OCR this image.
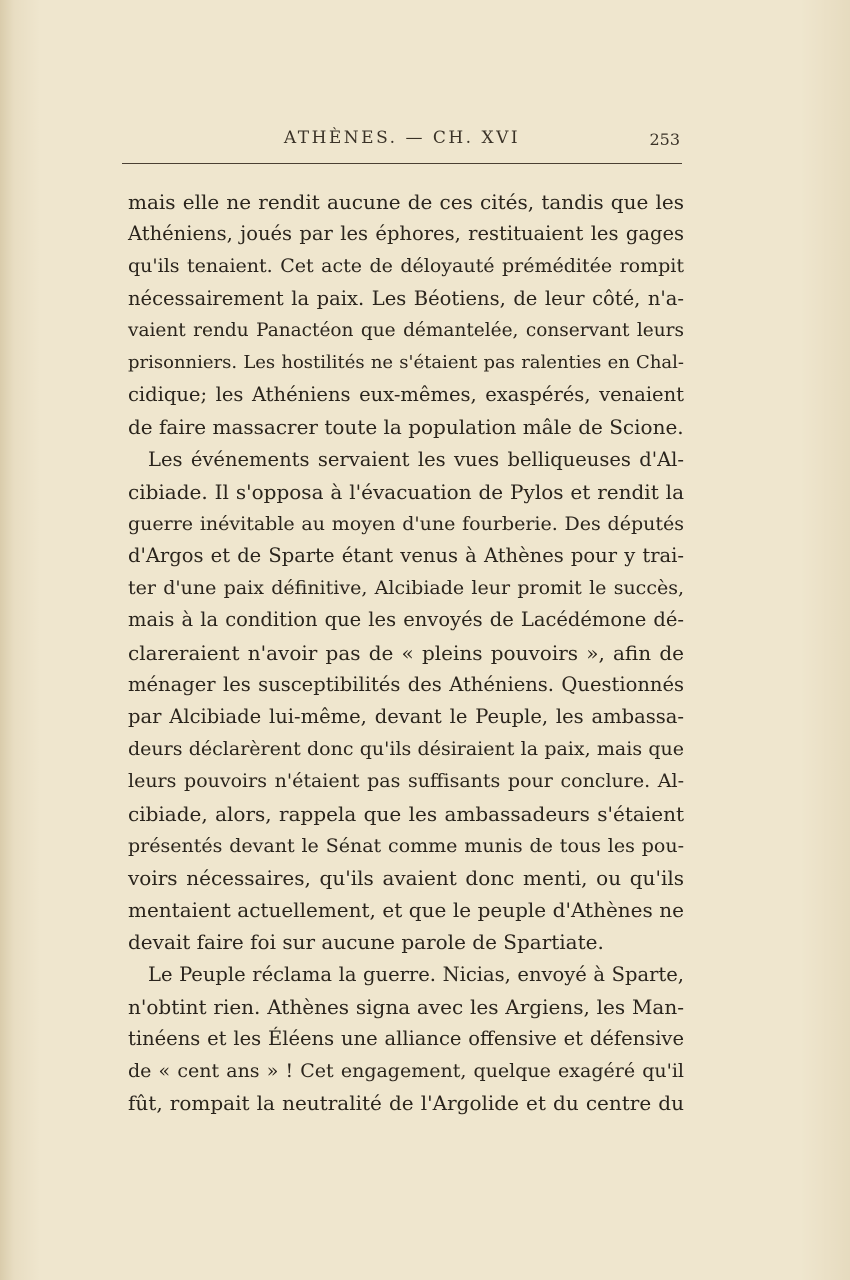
ATHÈNES. — CH. XVI	253
mais elle ne rendit aucune de ces cités, tandis que les
Athéniens, joués par les éphores, restituaient les gages
qu'ils tenaient. Cet acte de déloyauté préméditée rompit
nécessairement la paix. Les Béotiens, de leur côté, n'a-
vaient rendu Panactéon que démantelée, conservant leurs
prisonniers. Les hostilités ne s'étaient pas ralenties en Chal-
cidique; les Athéniens eux-mêmes, exaspérés, venaient
de faire massacrer toute la population mâle de Scione.
Les événements servaient les vues belliqueuses d'Al-
cibiade. Il s'opposa à l'évacuation de Pylos et rendit la
guerre inévitable au moyen d'une fourberie. Des députés
d'Argos et de Sparte étant venus à Athènes pour y trai-
ter d'une paix définitive, Alcibiade leur promit le succès,
mais à la condition que les envoyés de Lacédémone dé-
clareraient n'avoir pas de « pleins pouvoirs », afin de
ménager les susceptibilités des Athéniens. Questionnés
par Alcibiade lui-même, devant le Peuple, les ambassa-
deurs déclarèrent donc qu'ils désiraient la paix, mais que
leurs pouvoirs n'étaient pas suffisants pour conclure. Al-
cibiade, alors, rappela que les ambassadeurs s'étaient
présentés devant le Sénat comme munis de tous les pou-
voirs nécessaires, qu'ils avaient donc menti, ou qu'ils
mentaient actuellement, et que le peuple d'Athènes ne
devait faire foi sur aucune parole de Spartiate.
Le Peuple réclama la guerre. Nicias, envoyé à Sparte,
n'obtint rien. Athènes signa avec les Argiens, les Man-
tinéens et les Éléens une alliance offensive et défensive
de « cent ans » ! Cet engagement, quelque exagéré qu'il
fût, rompait la neutralité de l'Argolide et du centre du
